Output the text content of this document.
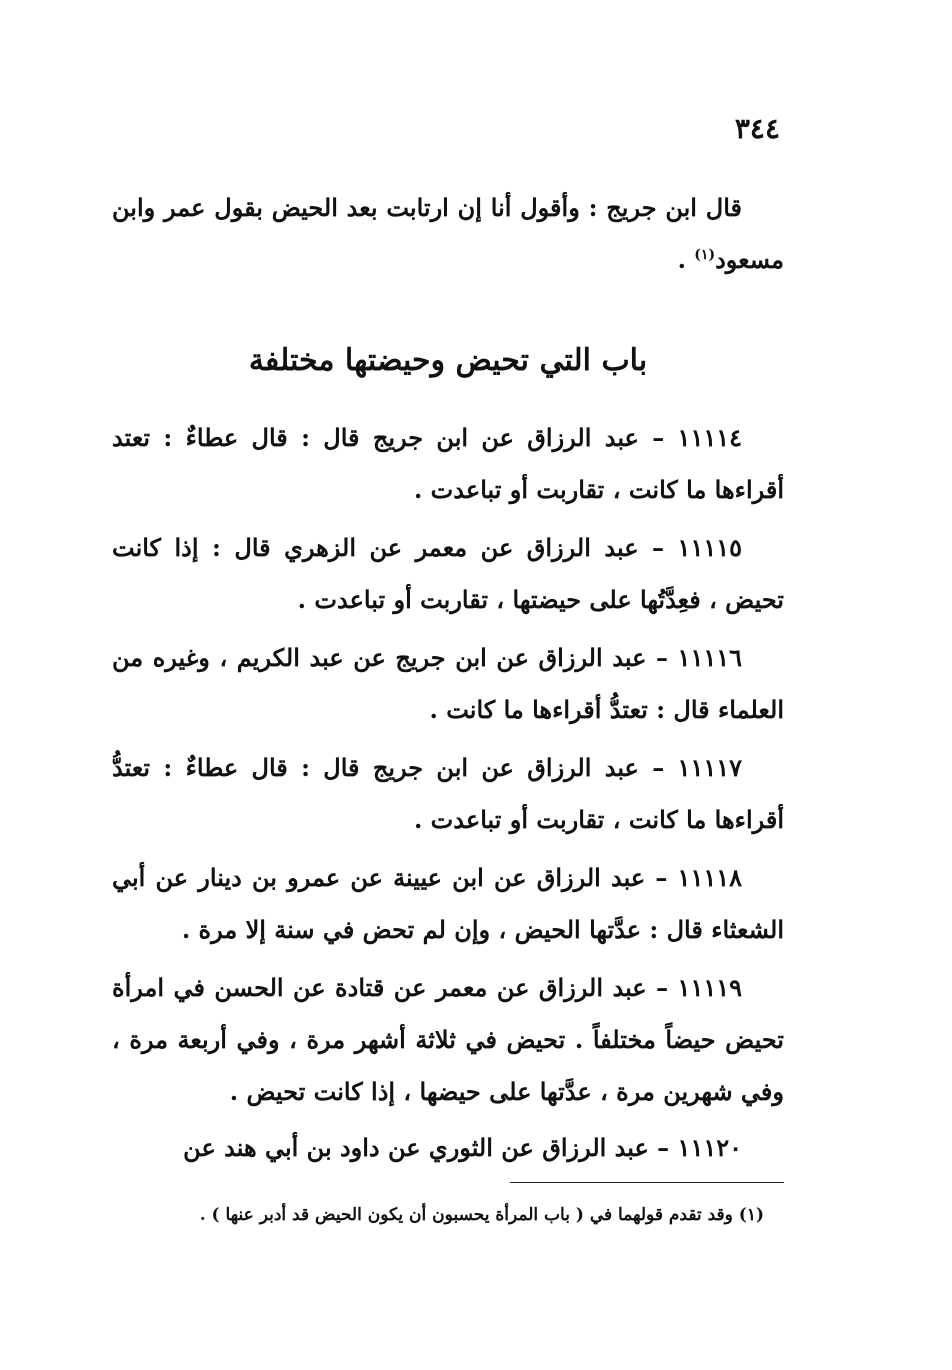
٣٤٤

قال ابن جريج : وأقول أنا إن ارتابت بعد الحيض بقول عمر وابن مسعود$^{(١)}$ .

باب التي تحيض وحيضتها مختلفة

١١١١٤ – عبد الرزاق عن ابن جريج قال : قال عطاءٌ : تعتد أقراءها ما كانت ، تقاربت أو تباعدت .

١١١١٥ – عبد الرزاق عن معمر عن الزهري قال : إذا كانت تحيض ، فعِدَّتُها على حيضتها ، تقاربت أو تباعدت .

١١١١٦ – عبد الرزاق عن ابن جريج عن عبد الكريم ، وغيره من العلماء قال : تعتدُّ أقراءها ما كانت .

١١١١٧ – عبد الرزاق عن ابن جريج قال : قال عطاءٌ : تعتدُّ أقراءها ما كانت ، تقاربت أو تباعدت .

١١١١٨ – عبد الرزاق عن ابن عيينة عن عمرو بن دينار عن أبي الشعثاء قال : عدَّتها الحيض ، وإن لم تحض في سنة إلا مرة .

١١١١٩ – عبد الرزاق عن معمر عن قتادة عن الحسن في امرأة تحيض حيضاً مختلفاً . تحيض في ثلاثة أشهر مرة ، وفي أربعة مرة ، وفي شهرين مرة ، عدَّتها على حيضها ، إذا كانت تحيض .

١١١٢٠ – عبد الرزاق عن الثوري عن داود بن أبي هند عن

(١) وقد تقدم قولهما في ( باب المرأة يحسبون أن يكون الحيض قد أدبر عنها ) .
